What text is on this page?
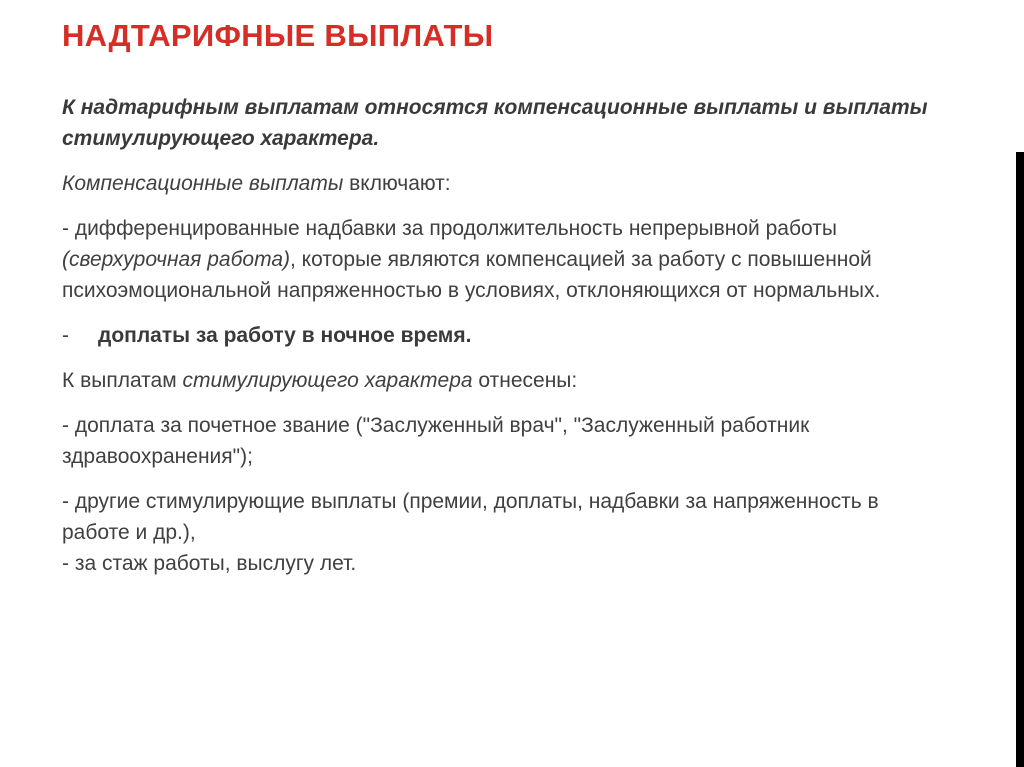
НАДТАРИФНЫЕ ВЫПЛАТЫ

К надтарифным выплатам относятся компенсационные выплаты и выплаты стимулирующего характера.

Компенсационные выплаты включают:

- дифференцированные надбавки за продолжительность непрерывной работы (сверхурочная работа), которые являются компенсацией за работу с повышенной психоэмоциональной напряженностью в условиях, отклоняющихся от нормальных.

-	доплаты за работу в ночное время.

К выплатам стимулирующего характера отнесены:

- доплата за почетное звание ("Заслуженный врач", "Заслуженный работник здравоохранения");

- другие стимулирующие выплаты (премии, доплаты, надбавки за напряженность в работе и др.),

- за стаж работы, выслугу лет.
